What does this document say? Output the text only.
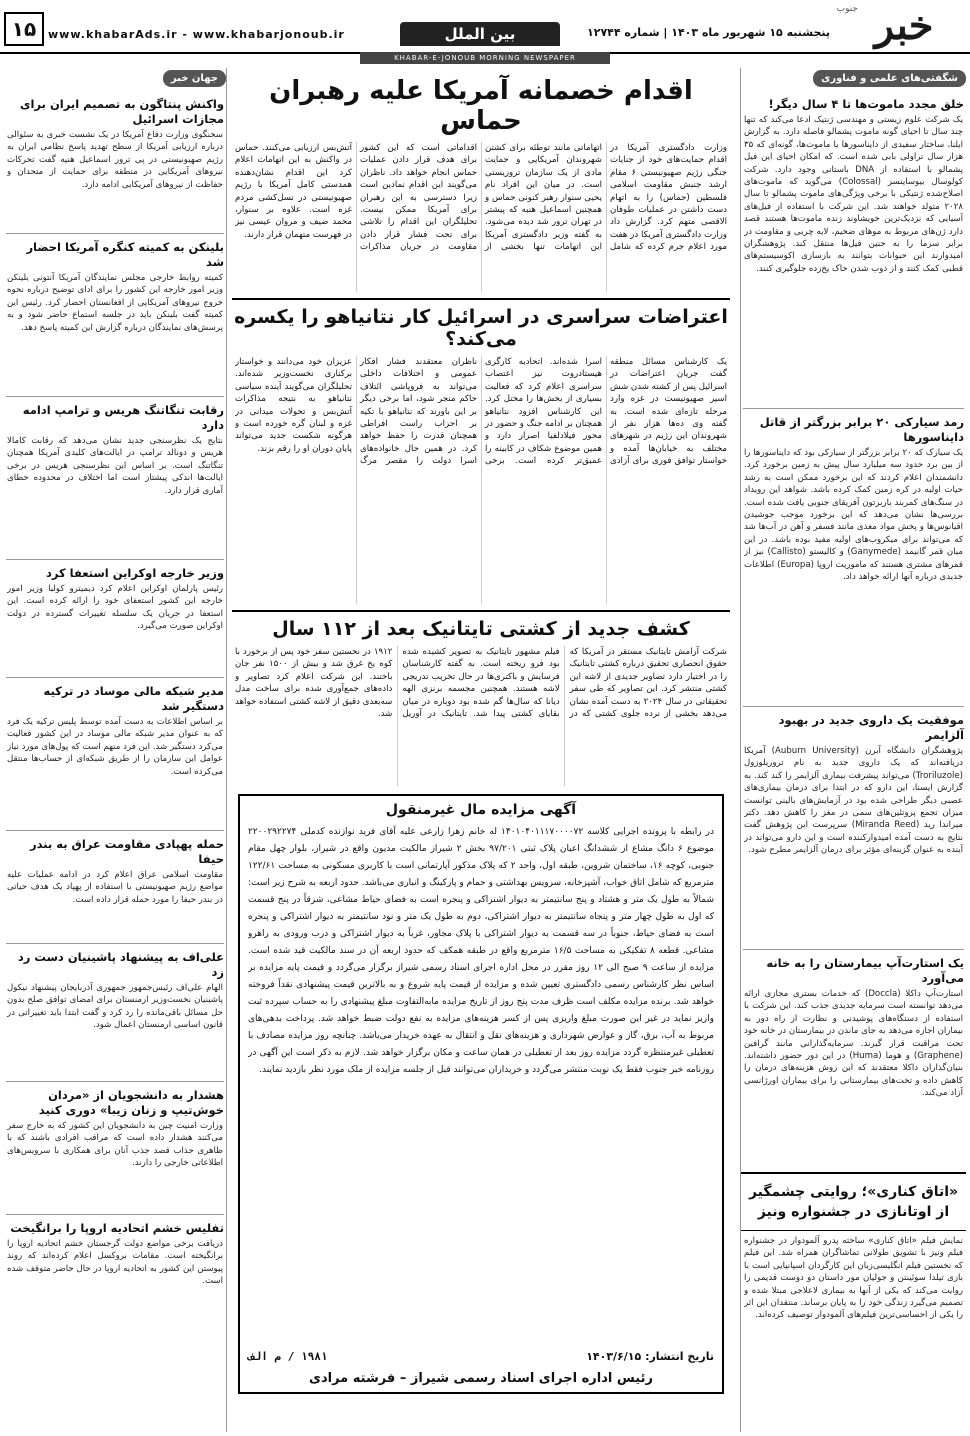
خبر
جنوب
پنجشنبه ۱۵ شهریور ماه ۱۴۰۳ | شماره ۱۲۷۴۴
بین الملل
www.khabarAds.ir - www.khabarjonoub.ir
۱۵
KHABAR-E-JONOUB MORNING NEWSPAPER
شگفتی‌های علمی و فناوری
خلق مجدد ماموت‌ها تا ۴ سال دیگر!
یک شرکت علوم زیستی و مهندسی ژنتیک ادعا می‌کند که تنها چند سال تا احیای گونه ماموت پشمالو فاصله دارد. به گزارش ایلنا، ساختار سفیدی از دایناسورها یا ماموت‌ها، گونه‌ای که ۳۵ هزار سال تراولی بابی شده است. که امکان احیای این فیل پشمالو با استفاده از DNA باستانی وجود دارد. شرکت کولوسال بیوساینسز (Colossal) می‌گوید که ماموت‌های اصلاح‌شده ژنتیکی با برخی ویژگی‌های ماموت پشمالو تا سال ۲۰۲۸ متولد خواهند شد. این شرکت با استفاده از فیل‌های آسیایی که نزدیک‌ترین خویشاوند زنده ماموت‌ها هستند قصد دارد ژن‌های مربوط به موهای ضخیم، لایه چربی و مقاومت در برابر سرما را به جنین فیل‌ها منتقل کند. پژوهشگران امیدوارند این حیوانات بتوانند به بازسازی اکوسیستم‌های قطبی کمک کنند و از ذوب شدن خاک یخ‌زده جلوگیری کنند.
رمد سیارکی ۲۰ برابر بزرگتر از قاتل دایناسورها
یک سیارک که ۲۰ برابر بزرگتر از سیارکی بود که دایناسورها را از بین برد حدود سه میلیارد سال پیش به زمین برخورد کرد. دانشمندان اعلام کردند که این برخورد ممکن است به رشد حیات اولیه در کره زمین کمک کرده باشد. شواهد این رویداد در سنگ‌های کمربند باربرتون آفریقای جنوبی یافت شده است. بررسی‌ها نشان می‌دهد که این برخورد موجب جوشیدن اقیانوس‌ها و پخش مواد مغذی مانند فسفر و آهن در آب‌ها شد که می‌تواند برای میکروب‌های اولیه مفید بوده باشد. در این میان قمر گانیمد (Ganymede) و کالیستو (Callisto) نیز از قمرهای مشتری هستند که ماموریت اروپا (Europa) اطلاعات جدیدی درباره آنها ارائه خواهد داد.
موفقیت یک داروی جدید در بهبود آلزایمر
پژوهشگران دانشگاه آبرن (Auburn University) آمریکا دریافته‌اند که یک داروی جدید به نام تروریلوزول (Troriluzole) می‌تواند پیشرفت بیماری آلزایمر را کند کند. به گزارش ایسنا، این دارو که در ابتدا برای درمان بیماری‌های عصبی دیگر طراحی شده بود در آزمایش‌های بالینی توانست میزان تجمع پروتئین‌های سمی در مغز را کاهش دهد. دکتر میراندا رید (Miranda Reed) سرپرست این پژوهش گفت نتایج به دست آمده امیدوارکننده است و این دارو می‌تواند در آینده به عنوان گزینه‌ای مؤثر برای درمان آلزایمر مطرح شود.
یک استارت‌آپ بیمارستان را به خانه می‌آورد
استارت‌آپ داکلا (Doccla) که خدمات بستری مجازی ارائه می‌دهد توانسته است سرمایه جدیدی جذب کند. این شرکت با استفاده از دستگاه‌های پوشیدنی و نظارت از راه دور به بیماران اجازه می‌دهد به جای ماندن در بیمارستان در خانه خود تحت مراقبت قرار گیرند. سرمایه‌گذارانی مانند گرافین (Graphene) و هوما (Huma) در این دور حضور داشته‌اند. بنیان‌گذاران داکلا معتقدند که این روش هزینه‌های درمان را کاهش داده و تخت‌های بیمارستانی را برای بیماران اورژانسی آزاد می‌کند.
«اتاق کناری»؛ روایتی چشمگیر از اوتانازی در جشنواره ونیز
نمایش فیلم «اتاق کناری» ساخته پدرو آلمودوار در جشنواره فیلم ونیز با تشویق طولانی تماشاگران همراه شد. این فیلم که نخستین فیلم انگلیسی‌زبان این کارگردان اسپانیایی است با بازی تیلدا سوئینتن و جولیان مور داستان دو دوست قدیمی را روایت می‌کند که یکی از آنها به بیماری لاعلاجی مبتلا شده و تصمیم می‌گیرد زندگی خود را به پایان برساند. منتقدان این اثر را یکی از احساسی‌ترین فیلم‌های آلمودوار توصیف کرده‌اند.
جهان خبر
واکنش پنتاگون به تصمیم ایران برای مجازات اسرائیل
سخنگوی وزارت دفاع آمریکا در یک نشست خبری به سئوالی درباره ارزیابی آمریکا از سطح تهدید پاسخ نظامی ایران به رژیم صهیونیستی در پی ترور اسماعیل هنیه گفت تحرکات نیروهای آمریکایی در منطقه برای حمایت از متحدان و حفاظت از نیروهای آمریکایی ادامه دارد.
بلینکن به کمیته کنگره آمریکا احضار شد
کمیته روابط خارجی مجلس نمایندگان آمریکا آنتونی بلینکن وزیر امور خارجه این کشور را برای ادای توضیح درباره نحوه خروج نیروهای آمریکایی از افغانستان احضار کرد. رئیس این کمیته گفت بلینکن باید در جلسه استماع حاضر شود و به پرسش‌های نمایندگان درباره گزارش این کمیته پاسخ دهد.
رقابت تنگاتنگ هریس و ترامپ ادامه دارد
نتایج یک نظرسنجی جدید نشان می‌دهد که رقابت کامالا هریس و دونالد ترامپ در ایالت‌های کلیدی آمریکا همچنان تنگاتنگ است. بر اساس این نظرسنجی هریس در برخی ایالت‌ها اندکی پیشتاز است اما اختلاف در محدوده خطای آماری قرار دارد.
وزیر خارجه اوکراین استعفا کرد
رئیس پارلمان اوکراین اعلام کرد دیمیترو کولبا وزیر امور خارجه این کشور استعفای خود را ارائه کرده است. این استعفا در جریان یک سلسله تغییرات گسترده در دولت اوکراین صورت می‌گیرد.
مدیر شبکه مالی موساد در ترکیه دستگیر شد
بر اساس اطلاعات به دست آمده توسط پلیس ترکیه یک فرد که به عنوان مدیر شبکه مالی موساد در این کشور فعالیت می‌کرد دستگیر شد. این فرد متهم است که پول‌های مورد نیاز عوامل این سازمان را از طریق شبکه‌ای از حساب‌ها منتقل می‌کرده است.
حمله پهپادی مقاومت عراق به بندر حیفا
مقاومت اسلامی عراق اعلام کرد در ادامه عملیات علیه مواضع رژیم صهیونیستی با استفاده از پهپاد یک هدف حیاتی در بندر حیفا را مورد حمله قرار داده است.
علی‌اف به پیشنهاد پاشینیان دست رد زد
الهام علی‌اف رئیس‌جمهور جمهوری آذربایجان پیشنهاد نیکول پاشینیان نخست‌وزیر ارمنستان برای امضای توافق صلح بدون حل مسائل باقی‌مانده را رد کرد و گفت ابتدا باید تغییراتی در قانون اساسی ارمنستان اعمال شود.
هشدار به دانشجویان از «مردان خوش‌تیپ و زنان زیبا» دوری کنید
وزارت امنیت چین به دانشجویان این کشور که به خارج سفر می‌کنند هشدار داده است که مراقب افرادی باشند که با ظاهری جذاب قصد جذب آنان برای همکاری با سرویس‌های اطلاعاتی خارجی را دارند.
تفلیس خشم اتحادیه اروپا را برانگیخت
دریافت برخی مواضع دولت گرجستان خشم اتحادیه اروپا را برانگیخته است. مقامات بروکسل اعلام کرده‌اند که روند پیوستن این کشور به اتحادیه اروپا در حال حاضر متوقف شده است.
اقدام خصمانه آمریکا علیه رهبران حماس
وزارت دادگستری آمریکا در اقدام حمایت‌های خود از جنایات جنگی رژیم صهیونیستی ۶ مقام ارشد جنبش مقاومت اسلامی فلسطین (حماس) را به اتهام دست داشتن در عملیات طوفان الاقصی متهم کرد. گزارش داد وزارت دادگستری آمریکا در هفت مورد اعلام جرم کرده که شامل اتهاماتی مانند توطئه برای کشتن شهروندان آمریکایی و حمایت مادی از یک سازمان تروریستی است. در میان این افراد نام یحیی سنوار رهبر کنونی حماس و همچنین اسماعیل هنیه که پیشتر در تهران ترور شد دیده می‌شود. به گفته وزیر دادگستری آمریکا این اتهامات تنها بخشی از اقداماتی است که این کشور برای هدف قرار دادن عملیات حماس انجام خواهد داد. ناظران می‌گویند این اقدام نمادین است زیرا دسترسی به این رهبران برای آمریکا ممکن نیست. تحلیلگران این اقدام را تلاشی برای تحت فشار قرار دادن مقاومت در جریان مذاکرات آتش‌بس ارزیابی می‌کنند. حماس در واکنش به این اتهامات اعلام کرد این اقدام نشان‌دهنده همدستی کامل آمریکا با رژیم صهیونیستی در نسل‌کشی مردم غزه است. علاوه بر سنوار، محمد ضیف و مروان عیسی نیز در فهرست متهمان قرار دارند.
اعتراضات سراسری در اسرائیل کار نتانیاهو را یکسره می‌کند؟
یک کارشناس مسائل منطقه گفت جریان اعتراضات در اسرائیل پس از کشته شدن شش اسیر صهیونیست در غزه وارد مرحله تازه‌ای شده است. به گفته وی ده‌ها هزار نفر از شهروندان این رژیم در شهرهای مختلف به خیابان‌ها آمده و خواستار توافق فوری برای آزادی اسرا شده‌اند. اتحادیه کارگری هیستادروت نیز اعتصاب سراسری اعلام کرد که فعالیت بسیاری از بخش‌ها را مختل کرد. این کارشناس افزود نتانیاهو همچنان بر ادامه جنگ و حضور در محور فیلادلفیا اصرار دارد و همین موضوع شکاف در کابینه را عمیق‌تر کرده است. برخی ناظران معتقدند فشار افکار عمومی و اختلافات داخلی می‌تواند به فروپاشی ائتلاف حاکم منجر شود، اما برخی دیگر بر این باورند که نتانیاهو با تکیه بر احزاب راست افراطی همچنان قدرت را حفظ خواهد کرد. در همین حال خانواده‌های اسرا دولت را مقصر مرگ عزیزان خود می‌دانند و خواستار برکناری نخست‌وزیر شده‌اند. تحلیلگران می‌گویند آینده سیاسی نتانیاهو به نتیجه مذاکرات آتش‌بس و تحولات میدانی در غزه و لبنان گره خورده است و هرگونه شکست جدید می‌تواند پایان دوران او را رقم بزند.
کشف جدید از کشتی تایتانیک بعد از ۱۱۲ سال
شرکت آرامش تایتانیک مستقر در آمریکا که حقوق انحصاری تحقیق درباره کشتی تایتانیک را در اختیار دارد تصاویر جدیدی از لاشه این کشتی منتشر کرد. این تصاویر که طی سفر تحقیقاتی در سال ۲۰۲۴ به دست آمده نشان می‌دهد بخشی از نرده جلوی کشتی که در فیلم مشهور تایتانیک به تصویر کشیده شده بود فرو ریخته است. به گفته کارشناسان فرسایش و باکتری‌ها در حال تخریب تدریجی لاشه هستند. همچنین مجسمه برنزی الهه دیانا که سال‌ها گم شده بود دوباره در میان بقایای کشتی پیدا شد. تایتانیک در آوریل ۱۹۱۲ در نخستین سفر خود پس از برخورد با کوه یخ غرق شد و بیش از ۱۵۰۰ نفر جان باختند. این شرکت اعلام کرد تصاویر و داده‌های جمع‌آوری شده برای ساخت مدل سه‌بعدی دقیق از لاشه کشتی استفاده خواهد شد.
آگهی مزایده مال غیرمنقول
در رابطه با پرونده اجرایی کلاسه ۱۴۰۱۰۴۰۱۱۱۷۰۰۰۰۷۲ له خانم زهرا زارعی علیه آقای فرید نوازنده کدملی ۲۲۰۰۲۹۲۲۷۴ موضوع ۶ دانگ مشاع از ششدانگ اعیان پلاک ثبتی ۹۷/۲۰۱ بخش ۲ شیراز مالکیت مدیون واقع در شیراز، بلوار چهل مقام جنوبی، کوچه ۱۶، ساختمان شروین، طبقه اول، واحد ۲ که پلاک مذکور آپارتمانی است با کاربری مسکونی به مساحت ۱۲۲/۶۱ مترمربع که شامل اتاق خواب، آشپزخانه، سرویس بهداشتی و حمام و پارکینگ و انباری می‌باشد. حدود اربعه به شرح زیر است: شمالاً به طول یک متر و هشتاد و پنج سانتیمتر به دیوار اشتراکی و پنجره است به فضای حیاط مشاعی، شرقاً در پنج قسمت که اول به طول چهار متر و پنجاه سانتیمتر به دیوار اشتراکی، دوم به طول یک متر و نود سانتیمتر به دیوار اشتراکی و پنجره است به فضای حیاط، جنوباً در سه قسمت به دیوار اشتراکی با پلاک مجاور، غرباً به دیوار اشتراکی و درب ورودی به راهرو مشاعی. قطعه ۸ تفکیکی به مساحت ۱۶/۵ مترمربع واقع در طبقه همکف که حدود اربعه آن در سند مالکیت قید شده است. مزایده از ساعت ۹ صبح الی ۱۲ روز مقرر در محل اداره اجرای اسناد رسمی شیراز برگزار می‌گردد و قیمت پایه مزایده بر اساس نظر کارشناس رسمی دادگستری تعیین شده و مزایده از قیمت پایه شروع و به بالاترین قیمت پیشنهادی نقداً فروخته خواهد شد. برنده مزایده مکلف است ظرف مدت پنج روز از تاریخ مزایده مابه‌التفاوت مبلغ پیشنهادی را به حساب سپرده ثبت واریز نماید در غیر این صورت مبلغ واریزی پس از کسر هزینه‌های مزایده به نفع دولت ضبط خواهد شد. پرداخت بدهی‌های مربوط به آب، برق، گاز و عوارض شهرداری و هزینه‌های نقل و انتقال به عهده خریدار می‌باشد. چنانچه روز مزایده مصادف با تعطیلی غیرمنتظره گردد مزایده روز بعد از تعطیلی در همان ساعت و مکان برگزار خواهد شد. لازم به ذکر است این آگهی در روزنامه خبر جنوب فقط یک نوبت منتشر می‌گردد و خریداران می‌توانند قبل از جلسه مزایده از ملک مورد نظر بازدید نمایند.
تاریخ انتشار: ۱۴۰۳/۶/۱۵
۱۹۸۱ / م الف
رئیس اداره اجرای اسناد رسمی شیراز – فرشته مرادی
